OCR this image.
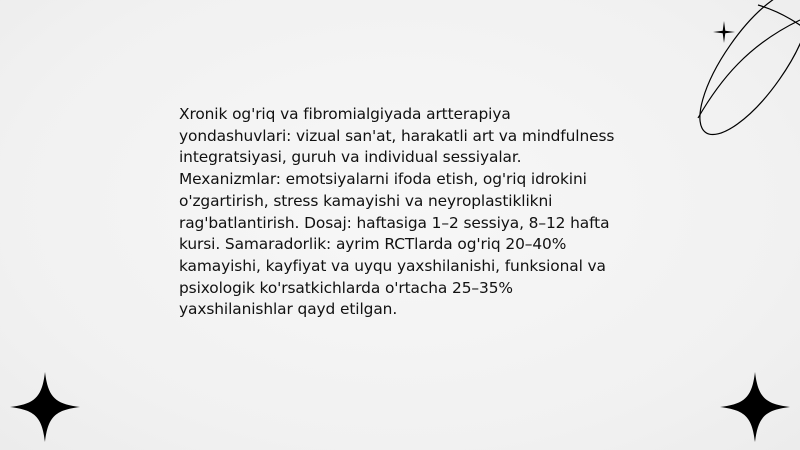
Xronik og'riq va fibromialgiyada artterapiya yondashuvlari: vizual san'at, harakatli art va mindfulness integratsiyasi, guruh va individual sessiyalar. Mexanizmlar: emotsiyalarni ifoda etish, og'riq idrokini o'zgartirish, stress kamayishi va neyroplastiklikni rag'batlantirish. Dosaj: haftasiga 1–2 sessiya, 8–12 hafta kursi. Samaradorlik: ayrim RCTlarda og'riq 20–40% kamayishi, kayfiyat va uyqu yaxshilanishi, funksional va psixologik ko'rsatkichlarda o'rtacha 25–35% yaxshilanishlar qayd etilgan.
